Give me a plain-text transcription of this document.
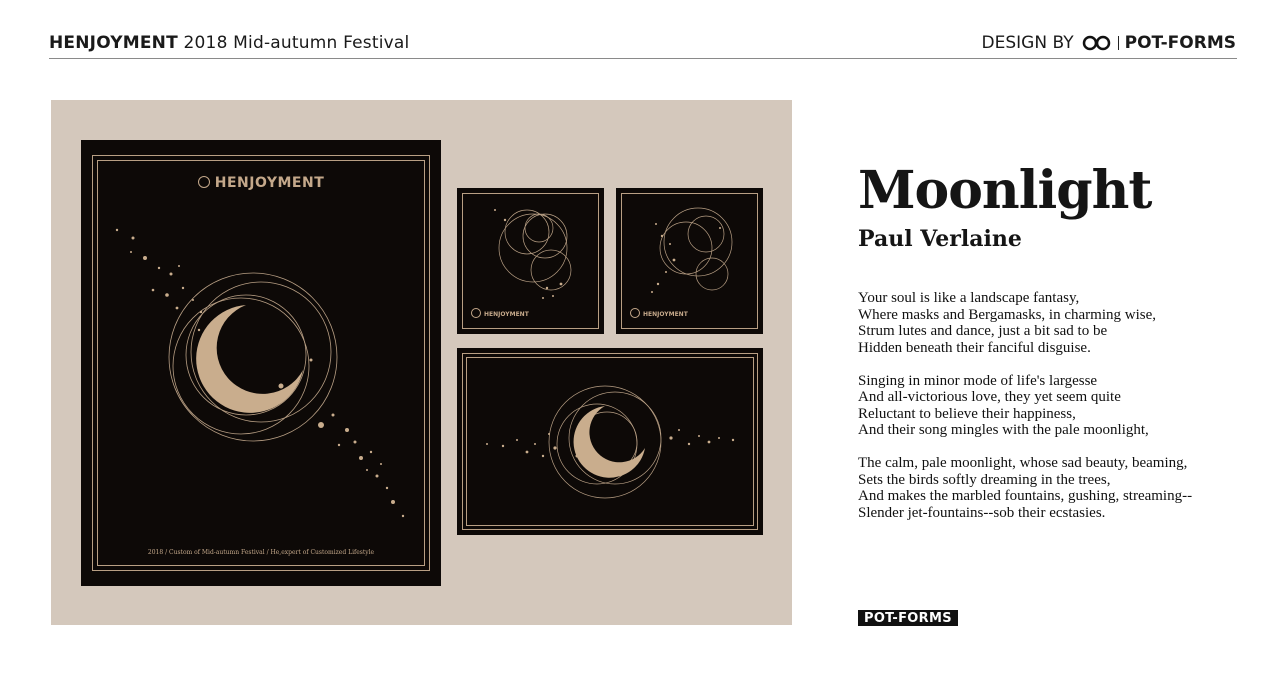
HENJOYMENT 2018 Mid-autumn Festival	DESIGN BY	POT-FORMS
HENJOYMENT
2018 / Custom of Mid-autumn Festival / He,expert of Customized Lifestyle
HENJOYMENT	HENJOYMENT
Moonlight
Paul Verlaine
Your soul is like a landscape fantasy,
Where masks and Bergamasks, in charming wise,
Strum lutes and dance, just a bit sad to be
Hidden beneath their fanciful disguise.
Singing in minor mode of life's largesse
And all-victorious love, they yet seem quite
Reluctant to believe their happiness,
And their song mingles with the pale moonlight,
The calm, pale moonlight, whose sad beauty, beaming,
Sets the birds softly dreaming in the trees,
And makes the marbled fountains, gushing, streaming--
Slender jet-fountains--sob their ecstasies.
POT-FORMS
